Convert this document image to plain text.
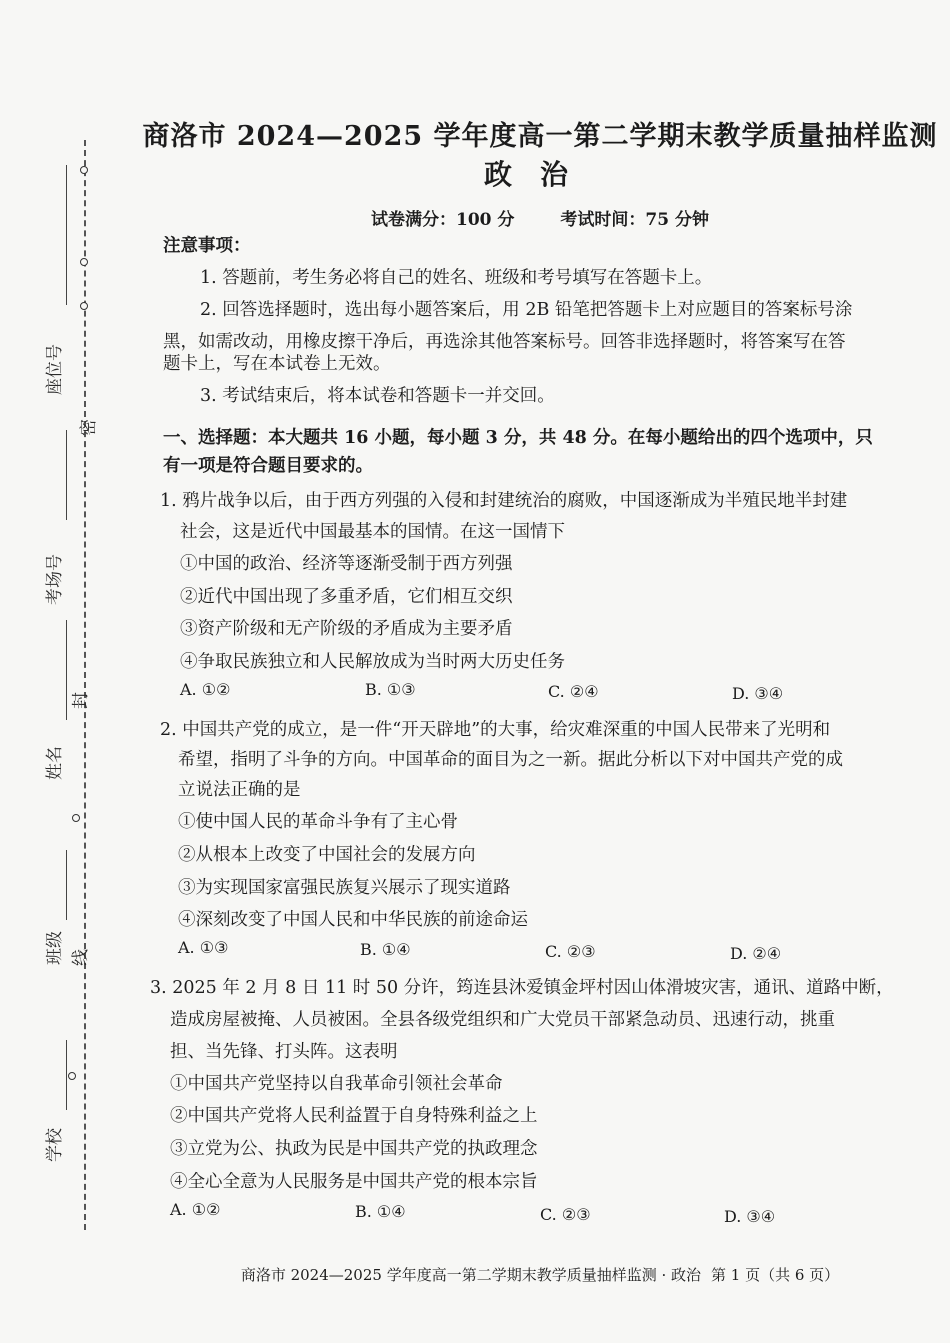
座位号
考场号
姓名
班级
学校
密
封
线
商洛市 2024—2025 学年度高一第二学期末教学质量抽样监测
政治
试卷满分：100 分	考试时间：75 分钟
注意事项：
1. 答题前，考生务必将自己的姓名、班级和考号填写在答题卡上。
2. 回答选择题时，选出每小题答案后，用 2B 铅笔把答题卡上对应题目的答案标号涂
黑，如需改动，用橡皮擦干净后，再选涂其他答案标号。回答非选择题时，将答案写在答
题卡上，写在本试卷上无效。
3. 考试结束后，将本试卷和答题卡一并交回。
一、选择题：本大题共 16 小题，每小题 3 分，共 48 分。在每小题给出的四个选项中，只
有一项是符合题目要求的。
1. 鸦片战争以后，由于西方列强的入侵和封建统治的腐败，中国逐渐成为半殖民地半封建
社会，这是近代中国最基本的国情。在这一国情下
①中国的政治、经济等逐渐受制于西方列强
②近代中国出现了多重矛盾，它们相互交织
③资产阶级和无产阶级的矛盾成为主要矛盾
④争取民族独立和人民解放成为当时两大历史任务
A. ①②	B. ①③	C. ②④	D. ③④
2. 中国共产党的成立，是一件“开天辟地”的大事，给灾难深重的中国人民带来了光明和
希望，指明了斗争的方向。中国革命的面目为之一新。据此分析以下对中国共产党的成
立说法正确的是
①使中国人民的革命斗争有了主心骨
②从根本上改变了中国社会的发展方向
③为实现国家富强民族复兴展示了现实道路
④深刻改变了中国人民和中华民族的前途命运
A. ①③	B. ①④	C. ②③	D. ②④
3. 2025 年 2 月 8 日 11 时 50 分许，筠连县沐爱镇金坪村因山体滑坡灾害，通讯、道路中断，
造成房屋被掩、人员被困。全县各级党组织和广大党员干部紧急动员、迅速行动，挑重
担、当先锋、打头阵。这表明
①中国共产党坚持以自我革命引领社会革命
②中国共产党将人民利益置于自身特殊利益之上
③立党为公、执政为民是中国共产党的执政理念
④全心全意为人民服务是中国共产党的根本宗旨
A. ①②	B. ①④	C. ②③	D. ③④
商洛市 2024—2025 学年度高一第二学期末教学质量抽样监测 · 政治 第 1 页（共 6 页）
